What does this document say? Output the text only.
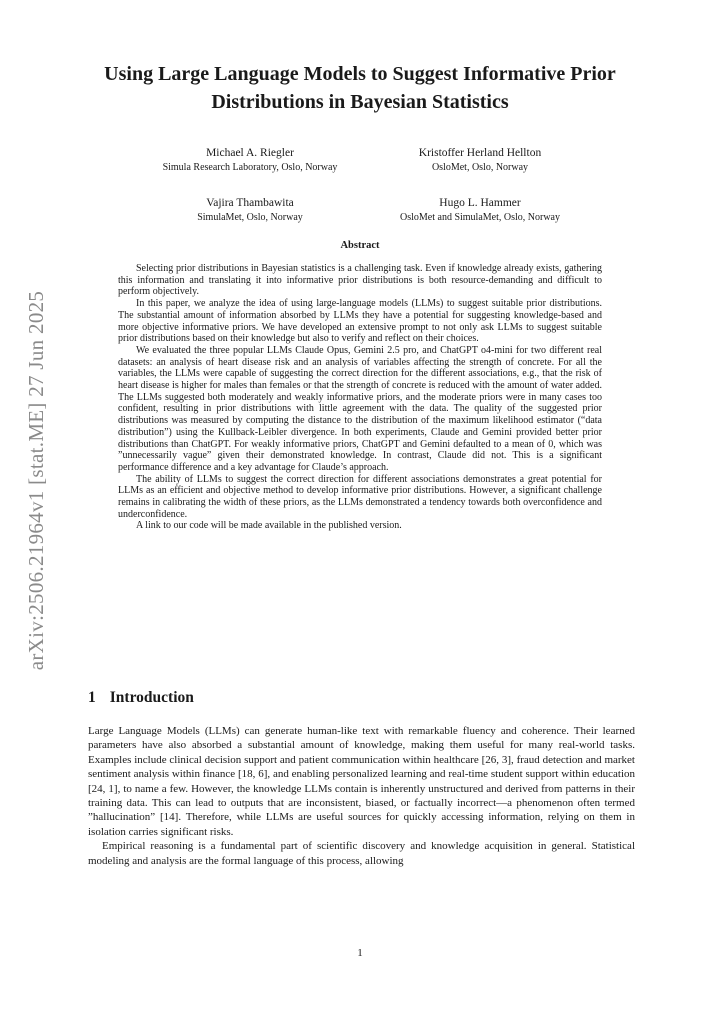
arXiv:2506.21964v1 [stat.ME] 27 Jun 2025
Using Large Language Models to Suggest Informative Prior Distributions in Bayesian Statistics
Michael A. Riegler
Simula Research Laboratory, Oslo, Norway
Kristoffer Herland Hellton
OsloMet, Oslo, Norway
Vajira Thambawita
SimulaMet, Oslo, Norway
Hugo L. Hammer
OsloMet and SimulaMet, Oslo, Norway
Abstract

Selecting prior distributions in Bayesian statistics is a challenging task. Even if knowledge already exists, gathering this information and translating it into informative prior distributions is both resource-demanding and difficult to perform objectively.

In this paper, we analyze the idea of using large-language models (LLMs) to suggest suitable prior distributions. The substantial amount of information absorbed by LLMs they have a potential for suggesting knowledge-based and more objective informative priors. We have developed an extensive prompt to not only ask LLMs to suggest suitable prior distributions based on their knowledge but also to verify and reflect on their choices.

We evaluated the three popular LLMs Claude Opus, Gemini 2.5 pro, and ChatGPT o4-mini for two different real datasets: an analysis of heart disease risk and an analysis of variables affecting the strength of concrete. For all the variables, the LLMs were capable of suggesting the correct direction for the different associations, e.g., that the risk of heart disease is higher for males than females or that the strength of concrete is reduced with the amount of water added. The LLMs suggested both moderately and weakly informative priors, and the moderate priors were in many cases too confident, resulting in prior distributions with little agreement with the data. The quality of the suggested prior distributions was measured by computing the distance to the distribution of the maximum likelihood estimator (“data distribution”) using the Kullback-Leibler divergence. In both experiments, Claude and Gemini provided better prior distributions than ChatGPT. For weakly informative priors, ChatGPT and Gemini defaulted to a mean of 0, which was ”unnecessarily vague” given their demonstrated knowledge. In contrast, Claude did not. This is a significant performance difference and a key advantage for Claude’s approach.

The ability of LLMs to suggest the correct direction for different associations demonstrates a great potential for LLMs as an efficient and objective method to develop informative prior distributions. However, a significant challenge remains in calibrating the width of these priors, as the LLMs demonstrated a tendency towards both overconfidence and underconfidence.

A link to our code will be made available in the published version.

1 Introduction

Large Language Models (LLMs) can generate human-like text with remarkable fluency and coherence. Their learned parameters have also absorbed a substantial amount of knowledge, making them useful for many real-world tasks. Examples include clinical decision support and patient communication within healthcare [26, 3], fraud detection and market sentiment analysis within finance [18, 6], and enabling personalized learning and real-time student support within education [24, 1], to name a few. However, the knowledge LLMs contain is inherently unstructured and derived from patterns in their training data. This can lead to outputs that are inconsistent, biased, or factually incorrect—a phenomenon often termed ”hallucination” [14]. Therefore, while LLMs are useful sources for quickly accessing information, relying on them in isolation carries significant risks.

Empirical reasoning is a fundamental part of scientific discovery and knowledge acquisition in general. Statistical modeling and analysis are the formal language of this process, allowing

1
